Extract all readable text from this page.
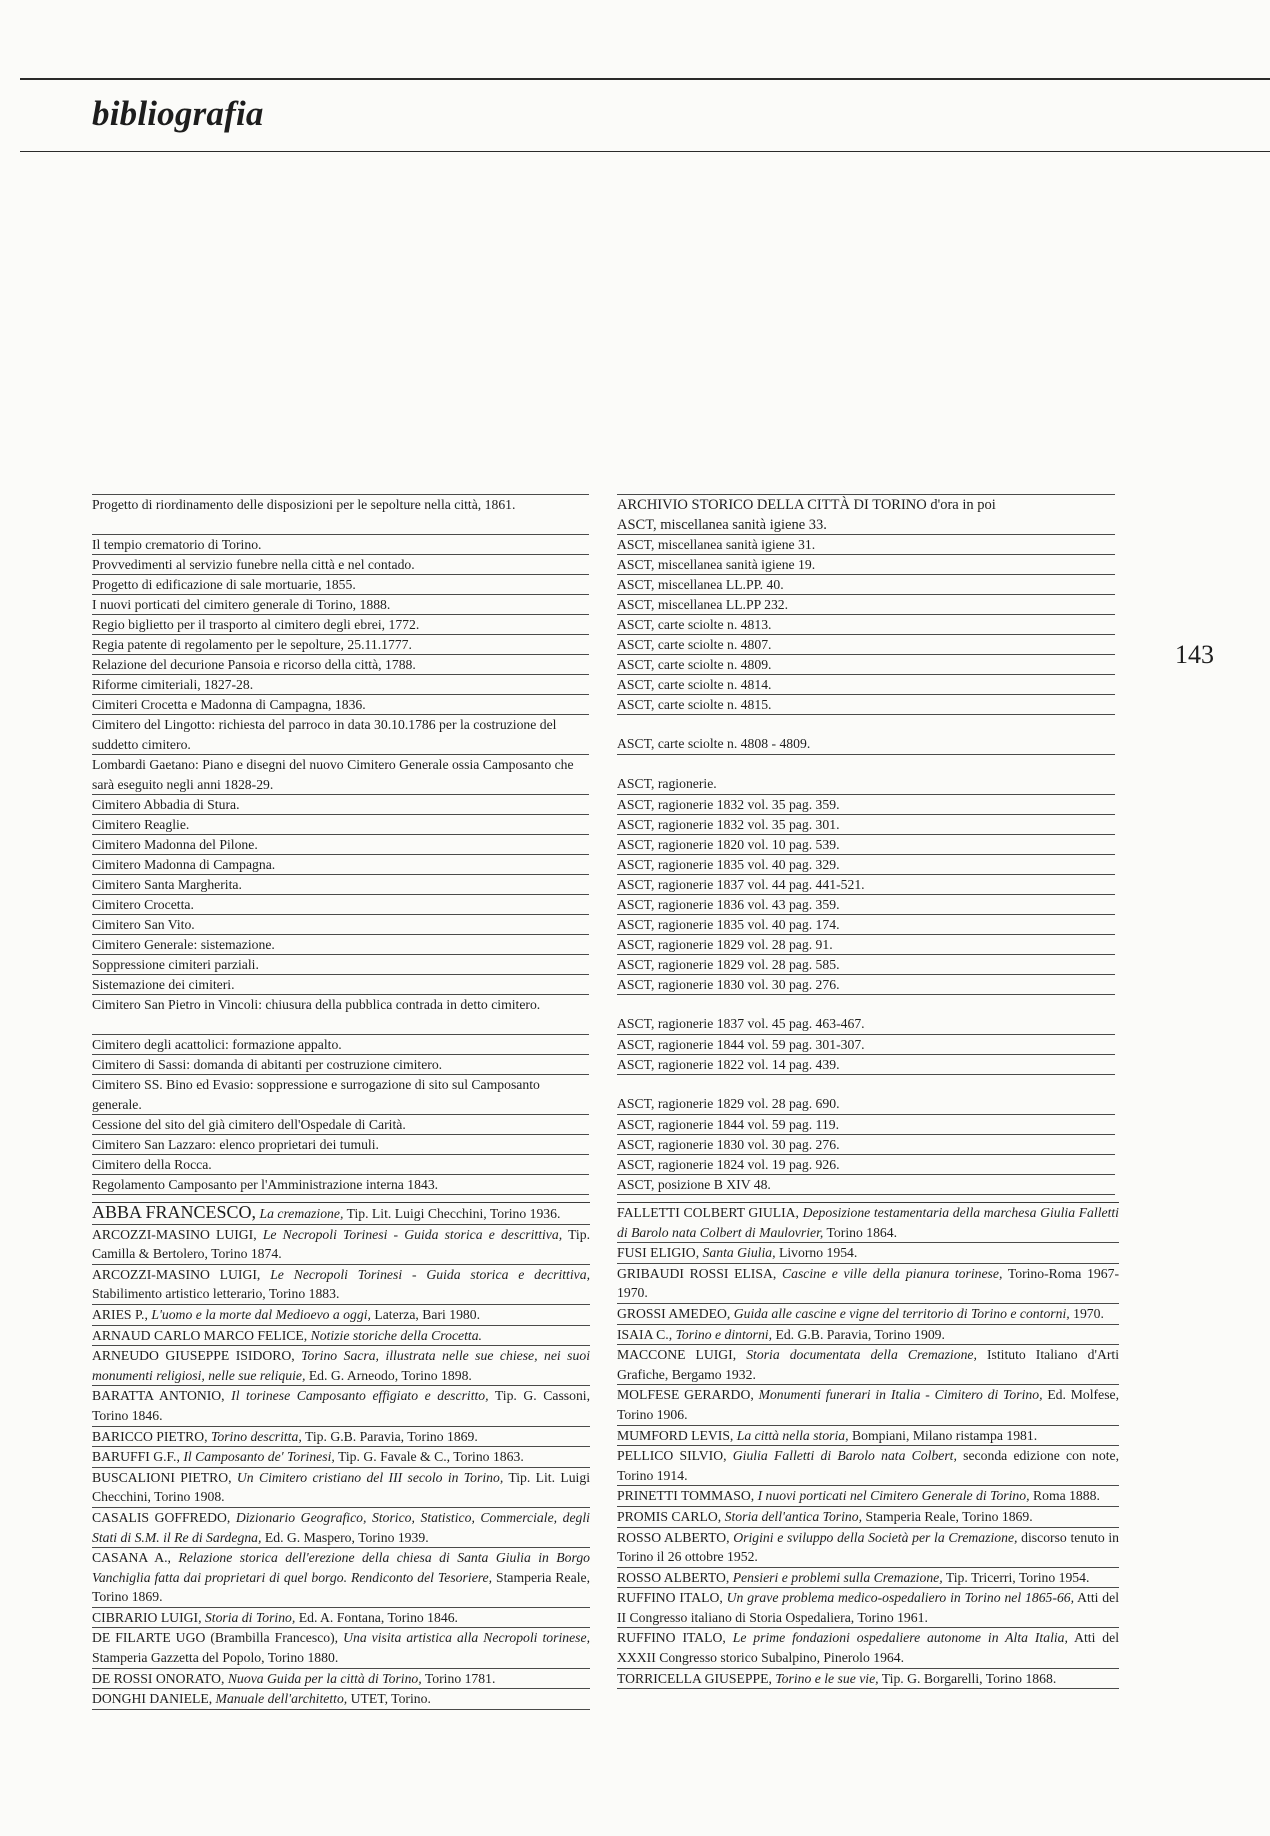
bibliografia
143
Progetto di riordinamento delle disposizioni per le sepolture nella città, 1861.
Il tempio crematorio di Torino.
Provvedimenti al servizio funebre nella città e nel contado.
Progetto di edificazione di sale mortuarie, 1855.
I nuovi porticati del cimitero generale di Torino, 1888.
Regio biglietto per il trasporto al cimitero degli ebrei, 1772.
Regia patente di regolamento per le sepolture, 25.11.1777.
Relazione del decurione Pansoia e ricorso della città, 1788.
Riforme cimiteriali, 1827-28.
Cimiteri Crocetta e Madonna di Campagna, 1836.
Cimitero del Lingotto: richiesta del parroco in data 30.10.1786 per la costruzione del suddetto cimitero.
Lombardi Gaetano: Piano e disegni del nuovo Cimitero Generale ossia Camposanto che sarà eseguito negli anni 1828-29.
Cimitero Abbadia di Stura.
Cimitero Reaglie.
Cimitero Madonna del Pilone.
Cimitero Madonna di Campagna.
Cimitero Santa Margherita.
Cimitero Crocetta.
Cimitero San Vito.
Cimitero Generale: sistemazione.
Soppressione cimiteri parziali.
Sistemazione dei cimiteri.
Cimitero San Pietro in Vincoli: chiusura della pubblica contrada in detto cimitero.
Cimitero degli acattolici: formazione appalto.
Cimitero di Sassi: domanda di abitanti per costruzione cimitero.
Cimitero SS. Bino ed Evasio: soppressione e surrogazione di sito sul Camposanto generale.
Cessione del sito del già cimitero dell'Ospedale di Carità.
Cimitero San Lazzaro: elenco proprietari dei tumuli.
Cimitero della Rocca.
Regolamento Camposanto per l'Amministrazione interna 1843.
ARCHIVIO STORICO DELLA CITTÀ DI TORINO d'ora in poi
ASCT, miscellanea sanità igiene 33.
ASCT, miscellanea sanità igiene 31.
ASCT, miscellanea sanità igiene 19.
ASCT, miscellanea LL.PP. 40.
ASCT, miscellanea LL.PP 232.
ASCT, carte sciolte n. 4813.
ASCT, carte sciolte n. 4807.
ASCT, carte sciolte n. 4809.
ASCT, carte sciolte n. 4814.
ASCT, carte sciolte n. 4815.
ASCT, carte sciolte n. 4808 - 4809.
ASCT, ragionerie.
ASCT, ragionerie 1832 vol. 35 pag. 359.
ASCT, ragionerie 1832 vol. 35 pag. 301.
ASCT, ragionerie 1820 vol. 10 pag. 539.
ASCT, ragionerie 1835 vol. 40 pag. 329.
ASCT, ragionerie 1837 vol. 44 pag. 441-521.
ASCT, ragionerie 1836 vol. 43 pag. 359.
ASCT, ragionerie 1835 vol. 40 pag. 174.
ASCT, ragionerie 1829 vol. 28 pag. 91.
ASCT, ragionerie 1829 vol. 28 pag. 585.
ASCT, ragionerie 1830 vol. 30 pag. 276.
ASCT, ragionerie 1837 vol. 45 pag. 463-467.
ASCT, ragionerie 1844 vol. 59 pag. 301-307.
ASCT, ragionerie 1822 vol. 14 pag. 439.
ASCT, ragionerie 1829 vol. 28 pag. 690.
ASCT, ragionerie 1844 vol. 59 pag. 119.
ASCT, ragionerie 1830 vol. 30 pag. 276.
ASCT, ragionerie 1824 vol. 19 pag. 926.
ASCT, posizione B XIV 48.
ABBA FRANCESCO, La cremazione, Tip. Lit. Luigi Checchini, Torino 1936.
ARCOZZI-MASINO LUIGI, Le Necropoli Torinesi - Guida storica e descrittiva, Tip. Camilla & Bertolero, Torino 1874.
ARCOZZI-MASINO LUIGI, Le Necropoli Torinesi - Guida storica e decrittiva, Stabilimento artistico letterario, Torino 1883.
ARIES P., L'uomo e la morte dal Medioevo a oggi, Laterza, Bari 1980.
ARNAUD CARLO MARCO FELICE, Notizie storiche della Crocetta.
ARNEUDO GIUSEPPE ISIDORO, Torino Sacra, illustrata nelle sue chiese, nei suoi monumenti religiosi, nelle sue reliquie, Ed. G. Arneodo, Torino 1898.
BARATTA ANTONIO, Il torinese Camposanto effigiato e descritto, Tip. G. Cassoni, Torino 1846.
BARICCO PIETRO, Torino descritta, Tip. G.B. Paravia, Torino 1869.
BARUFFI G.F., Il Camposanto de' Torinesi, Tip. G. Favale & C., Torino 1863.
BUSCALIONI PIETRO, Un Cimitero cristiano del III secolo in Torino, Tip. Lit. Luigi Checchini, Torino 1908.
CASALIS GOFFREDO, Dizionario Geografico, Storico, Statistico, Commerciale, degli Stati di S.M. il Re di Sardegna, Ed. G. Maspero, Torino 1939.
CASANA A., Relazione storica dell'erezione della chiesa di Santa Giulia in Borgo Vanchiglia fatta dai proprietari di quel borgo. Rendiconto del Tesoriere, Stamperia Reale, Torino 1869.
CIBRARIO LUIGI, Storia di Torino, Ed. A. Fontana, Torino 1846.
DE FILARTE UGO (Brambilla Francesco), Una visita artistica alla Necropoli torinese, Stamperia Gazzetta del Popolo, Torino 1880.
DE ROSSI ONORATO, Nuova Guida per la città di Torino, Torino 1781.
DONGHI DANIELE, Manuale dell'architetto, UTET, Torino.
FALLETTI COLBERT GIULIA, Deposizione testamentaria della marchesa Giulia Falletti di Barolo nata Colbert di Maulovrier, Torino 1864.
FUSI ELIGIO, Santa Giulia, Livorno 1954.
GRIBAUDI ROSSI ELISA, Cascine e ville della pianura torinese, Torino-Roma 1967-1970.
GROSSI AMEDEO, Guida alle cascine e vigne del territorio di Torino e contorni, 1970.
ISAIA C., Torino e dintorni, Ed. G.B. Paravia, Torino 1909.
MACCONE LUIGI, Storia documentata della Cremazione, Istituto Italiano d'Arti Grafiche, Bergamo 1932.
MOLFESE GERARDO, Monumenti funerari in Italia - Cimitero di Torino, Ed. Molfese, Torino 1906.
MUMFORD LEVIS, La città nella storia, Bompiani, Milano ristampa 1981.
PELLICO SILVIO, Giulia Falletti di Barolo nata Colbert, seconda edizione con note, Torino 1914.
PRINETTI TOMMASO, I nuovi porticati nel Cimitero Generale di Torino, Roma 1888.
PROMIS CARLO, Storia dell'antica Torino, Stamperia Reale, Torino 1869.
ROSSO ALBERTO, Origini e sviluppo della Società per la Cremazione, discorso tenuto in Torino il 26 ottobre 1952.
ROSSO ALBERTO, Pensieri e problemi sulla Cremazione, Tip. Tricerri, Torino 1954.
RUFFINO ITALO, Un grave problema medico-ospedaliero in Torino nel 1865-66, Atti del II Congresso italiano di Storia Ospedaliera, Torino 1961.
RUFFINO ITALO, Le prime fondazioni ospedaliere autonome in Alta Italia, Atti del XXXII Congresso storico Subalpino, Pinerolo 1964.
TORRICELLA GIUSEPPE, Torino e le sue vie, Tip. G. Borgarelli, Torino 1868.
